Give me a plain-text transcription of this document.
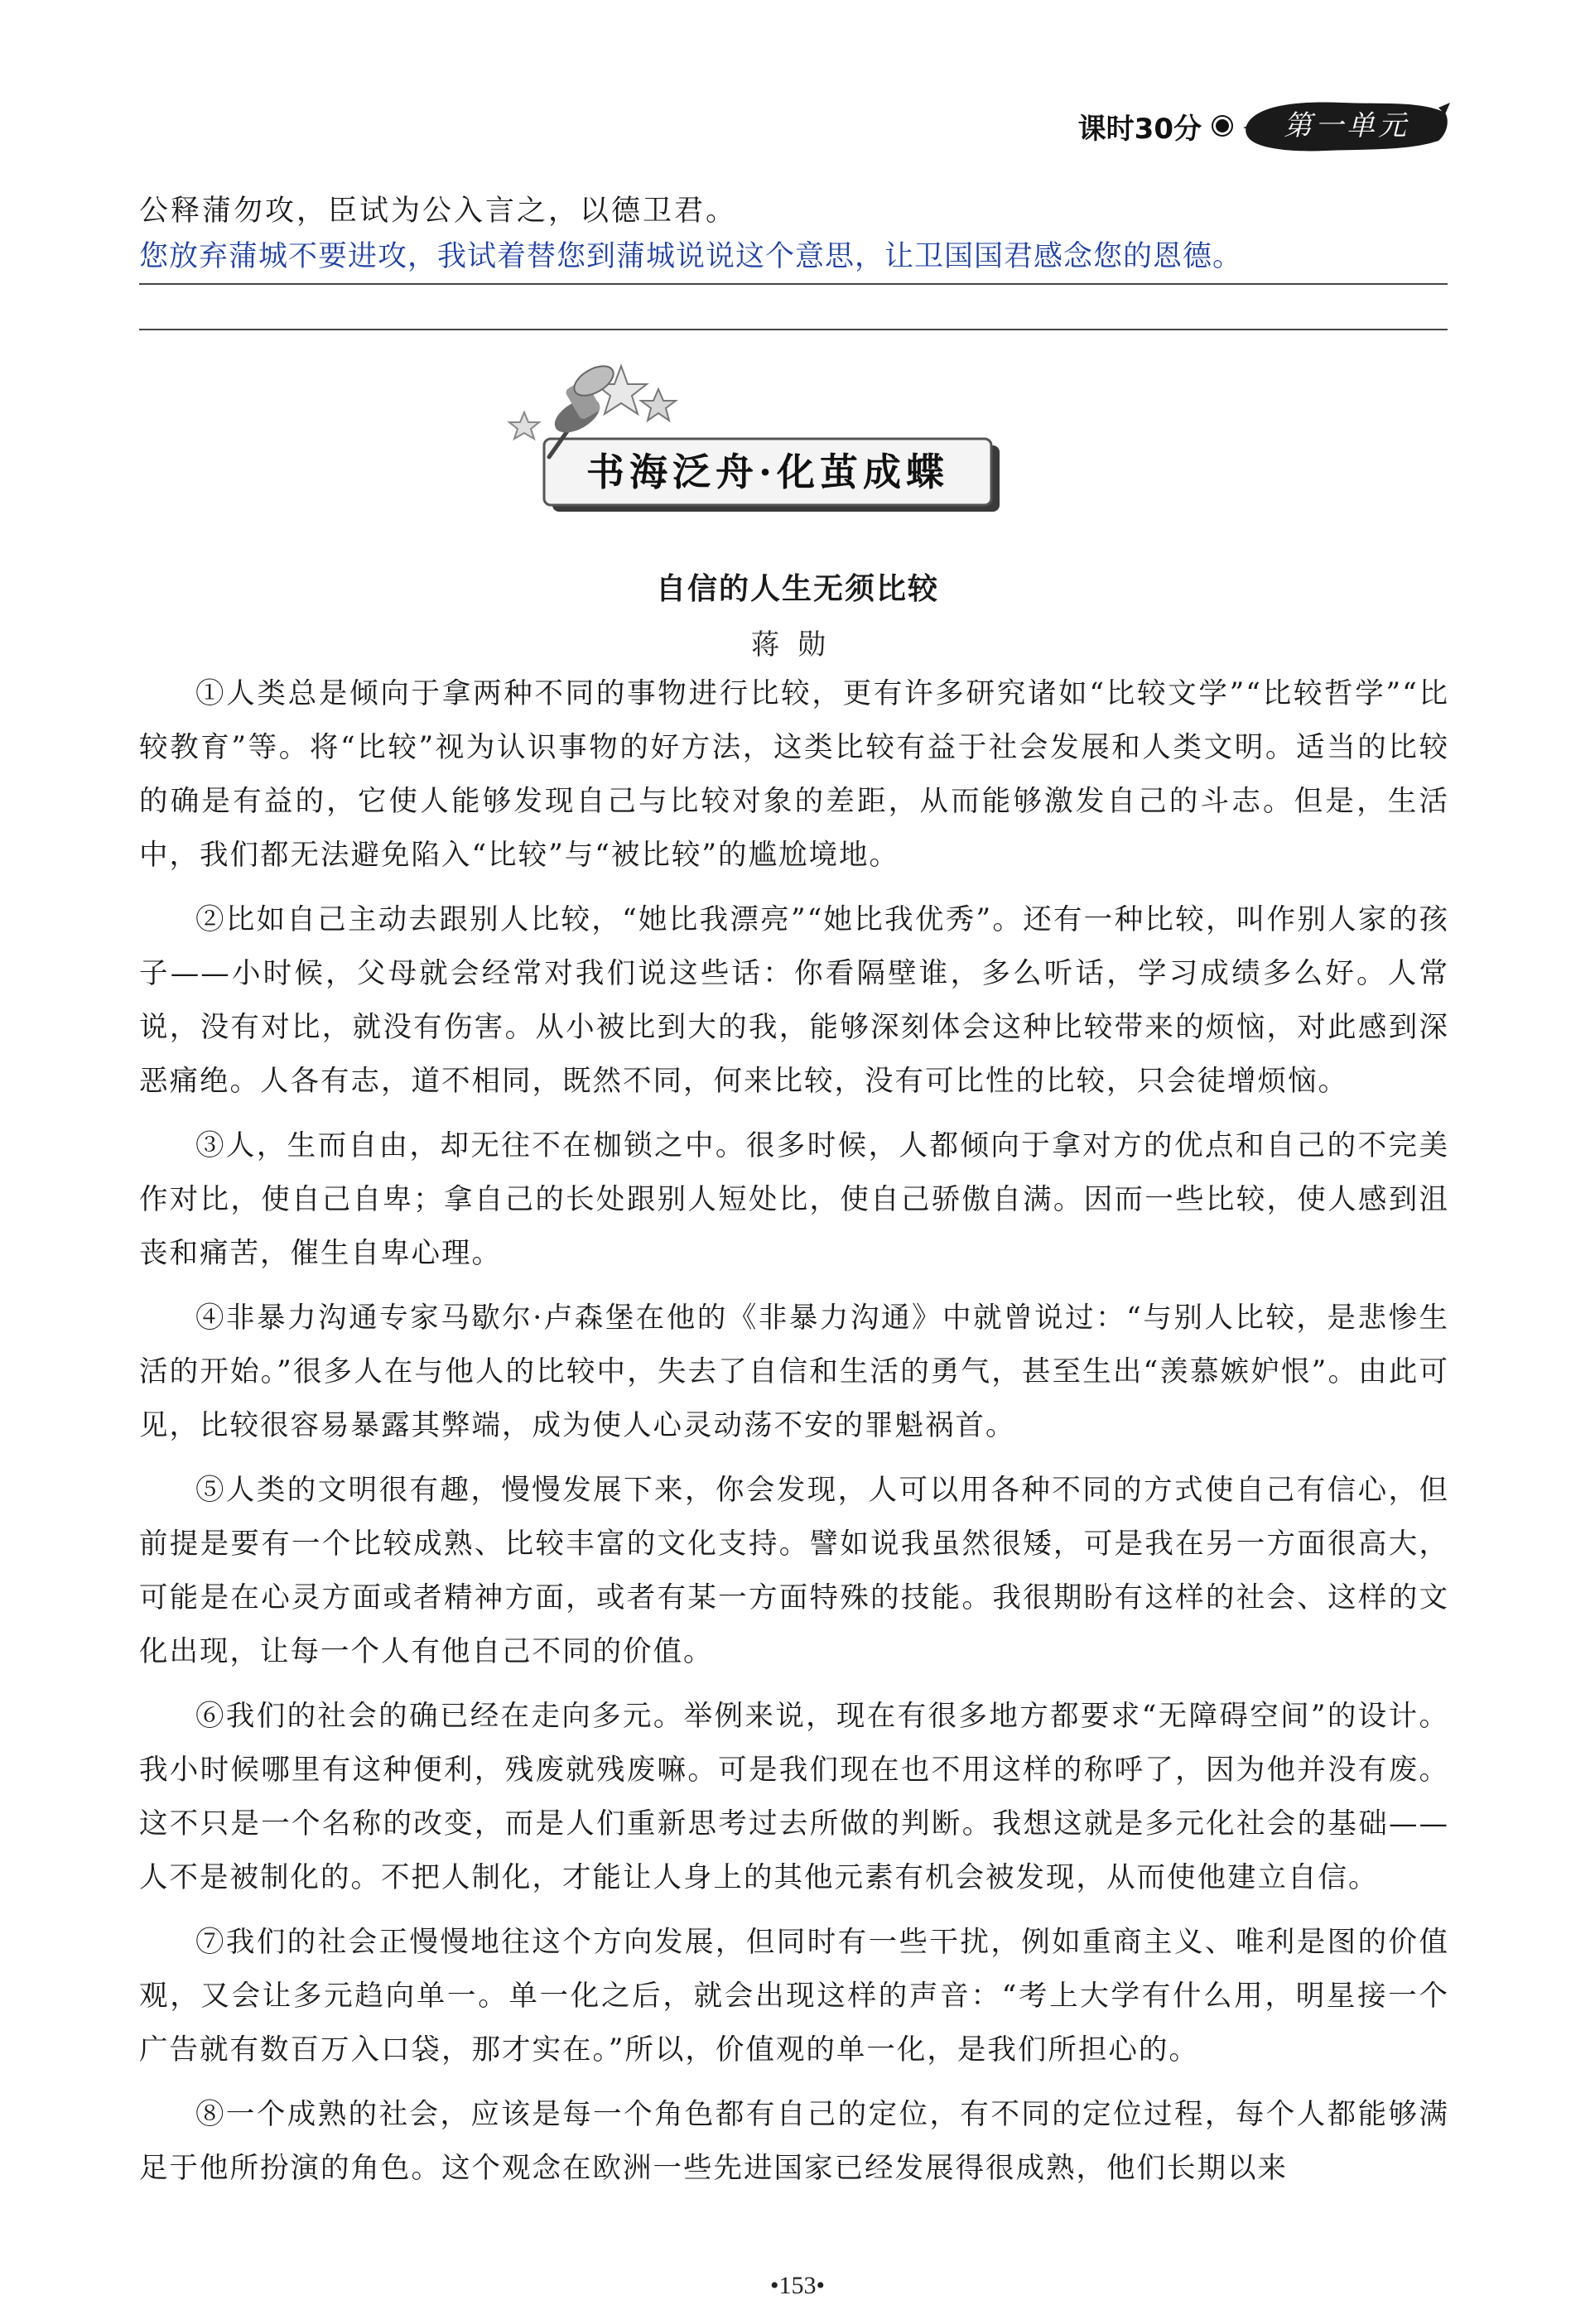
课时30分	第一单元
公释蒲勿攻，臣试为公入言之，以德卫君。
您放弃蒲城不要进攻，我试着替您到蒲城说说这个意思，让卫国国君感念您的恩德。
书海泛舟·化茧成蝶
自信的人生无须比较
蒋勋

①人类总是倾向于拿两种不同的事物进行比较，更有许多研究诸如“比较文学”“比较哲学”“比较教育”等。将“比较”视为认识事物的好方法，这类比较有益于社会发展和人类文明。适当的比较的确是有益的，它使人能够发现自己与比较对象的差距，从而能够激发自己的斗志。但是，生活中，我们都无法避免陷入“比较”与“被比较”的尴尬境地。

②比如自己主动去跟别人比较，“她比我漂亮”“她比我优秀”。还有一种比较，叫作别人家的孩子——小时候，父母就会经常对我们说这些话：你看隔壁谁，多么听话，学习成绩多么好。人常说，没有对比，就没有伤害。从小被比到大的我，能够深刻体会这种比较带来的烦恼，对此感到深恶痛绝。人各有志，道不相同，既然不同，何来比较，没有可比性的比较，只会徒增烦恼。

③人，生而自由，却无往不在枷锁之中。很多时候，人都倾向于拿对方的优点和自己的不完美作对比，使自己自卑；拿自己的长处跟别人短处比，使自己骄傲自满。因而一些比较，使人感到沮丧和痛苦，催生自卑心理。

④非暴力沟通专家马歇尔·卢森堡在他的《非暴力沟通》中就曾说过：“与别人比较，是悲惨生活的开始。”很多人在与他人的比较中，失去了自信和生活的勇气，甚至生出“羡慕嫉妒恨”。由此可见，比较很容易暴露其弊端，成为使人心灵动荡不安的罪魁祸首。

⑤人类的文明很有趣，慢慢发展下来，你会发现，人可以用各种不同的方式使自己有信心，但前提是要有一个比较成熟、比较丰富的文化支持。譬如说我虽然很矮，可是我在另一方面很高大，可能是在心灵方面或者精神方面，或者有某一方面特殊的技能。我很期盼有这样的社会、这样的文化出现，让每一个人有他自己不同的价值。

⑥我们的社会的确已经在走向多元。举例来说，现在有很多地方都要求“无障碍空间”的设计。我小时候哪里有这种便利，残废就残废嘛。可是我们现在也不用这样的称呼了，因为他并没有废。这不只是一个名称的改变，而是人们重新思考过去所做的判断。我想这就是多元化社会的基础——人不是被制化的。不把人制化，才能让人身上的其他元素有机会被发现，从而使他建立自信。

⑦我们的社会正慢慢地往这个方向发展，但同时有一些干扰，例如重商主义、唯利是图的价值观，又会让多元趋向单一。单一化之后，就会出现这样的声音：“考上大学有什么用，明星接一个广告就有数百万入口袋，那才实在。”所以，价值观的单一化，是我们所担心的。

⑧一个成熟的社会，应该是每一个角色都有自己的定位，有不同的定位过程，每个人都能够满足于他所扮演的角色。这个观念在欧洲一些先进国家已经发展得很成熟，他们长期以来

•153•
